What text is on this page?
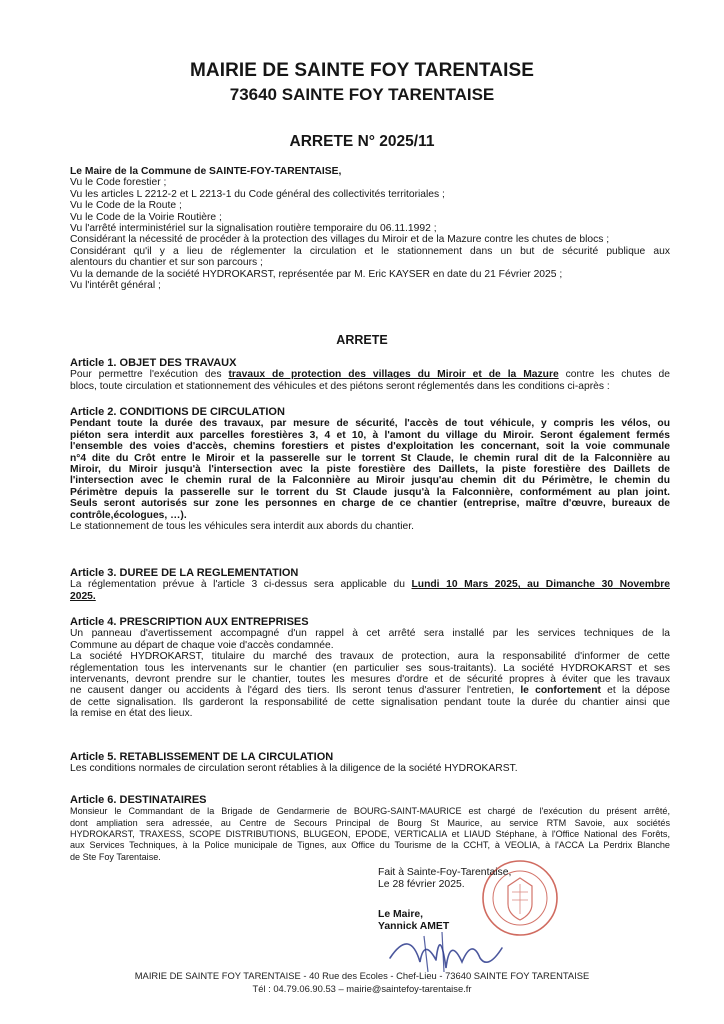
MAIRIE DE SAINTE FOY TARENTAISE
73640 SAINTE FOY TARENTAISE
ARRETE N° 2025/11
Le Maire de la Commune de SAINTE-FOY-TARENTAISE,
Vu le Code forestier ;
Vu les articles L 2212-2 et L 2213-1 du Code général des collectivités territoriales ;
Vu le Code de la Route ;
Vu le Code de la Voirie Routière ;
Vu l'arrêté interministériel sur la signalisation routière temporaire du 06.11.1992 ;
Considérant la nécessité de procéder à la protection des villages du Miroir et de la Mazure contre les chutes de blocs ;
Considérant qu'il y a lieu de réglementer la circulation et le stationnement dans un but de sécurité publique aux
alentours du chantier et sur son parcours ;
Vu la demande de la société HYDROKARST, représentée par M. Eric KAYSER en date du 21 Février 2025 ;
Vu l'intérêt général ;
ARRETE
Article 1. OBJET DES TRAVAUX
Pour permettre l'exécution des travaux de protection des villages du Miroir et de la Mazure contre les chutes de
blocs, toute circulation et stationnement des véhicules et des piétons seront réglementés dans les conditions ci-après :
Article 2. CONDITIONS DE CIRCULATION
Pendant toute la durée des travaux, par mesure de sécurité, l'accès de tout véhicule, y compris les vélos, ou
piéton sera interdit aux parcelles forestières 3, 4 et 10, à l'amont du village du Miroir. Seront également fermés
l'ensemble des voies d'accès, chemins forestiers et pistes d'exploitation les concernant, soit la voie communale
n°4 dite du Crôt entre le Miroir et la passerelle sur le torrent St Claude, le chemin rural dit de la Falconnière au
Miroir, du Miroir jusqu'à l'intersection avec la piste forestière des Daillets, la piste forestière des Daillets de
l'intersection avec le chemin rural de la Falconnière au Miroir jusqu'au chemin dit du Périmètre, le chemin du
Périmètre depuis la passerelle sur le torrent du St Claude jusqu'à la Falconnière, conformément au plan joint.
Seuls seront autorisés sur zone les personnes en charge de ce chantier (entreprise, maître d'œuvre, bureaux de
contrôle,écologues, …).
Le stationnement de tous les véhicules sera interdit aux abords du chantier.
Article 3. DUREE DE LA REGLEMENTATION
La réglementation prévue à l'article 3 ci-dessus sera applicable du Lundi 10 Mars 2025, au Dimanche 30 Novembre
2025.
Article 4. PRESCRIPTION AUX ENTREPRISES
Un panneau d'avertissement accompagné d'un rappel à cet arrêté sera installé par les services techniques de la
Commune au départ de chaque voie d'accès condamnée.
La société HYDROKARST, titulaire du marché des travaux de protection, aura la responsabilité d'informer de cette
réglementation tous les intervenants sur le chantier (en particulier ses sous-traitants). La société HYDROKARST et ses
intervenants, devront prendre sur le chantier, toutes les mesures d'ordre et de sécurité propres à éviter que les travaux
ne causent danger ou accidents à l'égard des tiers. Ils seront tenus d'assurer l'entretien, le confortement et la dépose
de cette signalisation. Ils garderont la responsabilité de cette signalisation pendant toute la durée du chantier ainsi que
la remise en état des lieux.
Article 5. RETABLISSEMENT DE LA CIRCULATION
Les conditions normales de circulation seront rétablies à la diligence de la société HYDROKARST.
Article 6. DESTINATAIRES
Monsieur le Commandant de la Brigade de Gendarmerie de BOURG-SAINT-MAURICE est chargé de l'exécution du présent arrêté,
dont ampliation sera adressée, au Centre de Secours Principal de Bourg St Maurice, au service RTM Savoie, aux sociétés
HYDROKARST, TRAXESS, SCOPE DISTRIBUTIONS, BLUGEON, EPODE, VERTICALIA et LIAUD Stéphane, à l'Office National des Forêts,
aux Services Techniques, à la Police municipale de Tignes, aux Office du Tourisme de la CCHT, à VEOLIA, à l'ACCA La Perdrix Blanche
de Ste Foy Tarentaise.
Fait à Sainte-Foy-Tarentaise,
Le 28 février 2025.
Le Maire,
Yannick AMET
MAIRIE DE SAINTE FOY TARENTAISE - 40 Rue des Ecoles - Chef-Lieu - 73640 SAINTE FOY TARENTAISE
Tél : 04.79.06.90.53 – mairie@saintefoy-tarentaise.fr
